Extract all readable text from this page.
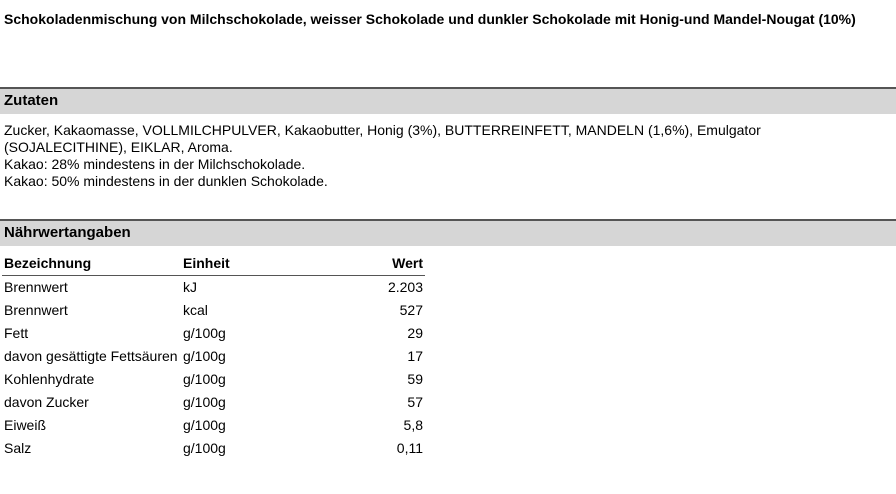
Schokoladenmischung von Milchschokolade, weisser Schokolade und dunkler Schokolade mit Honig-und Mandel-Nougat (10%)
Zutaten
Zucker, Kakaomasse, VOLLMILCHPULVER, Kakaobutter, Honig (3%), BUTTERREINFETT, MANDELN (1,6%), Emulgator (SOJALECITHINE), EIKLAR, Aroma.
Kakao: 28% mindestens in der Milchschokolade.
Kakao: 50% mindestens in der dunklen Schokolade.
Nährwertangaben
Bezeichnung	Einheit	Wert
Brennwert	kJ	2.203
Brennwert	kcal	527
Fett	g/100g	29
davon gesättigte Fettsäuren	g/100g	17
Kohlenhydrate	g/100g	59
davon Zucker	g/100g	57
Eiweiß	g/100g	5,8
Salz	g/100g	0,11
